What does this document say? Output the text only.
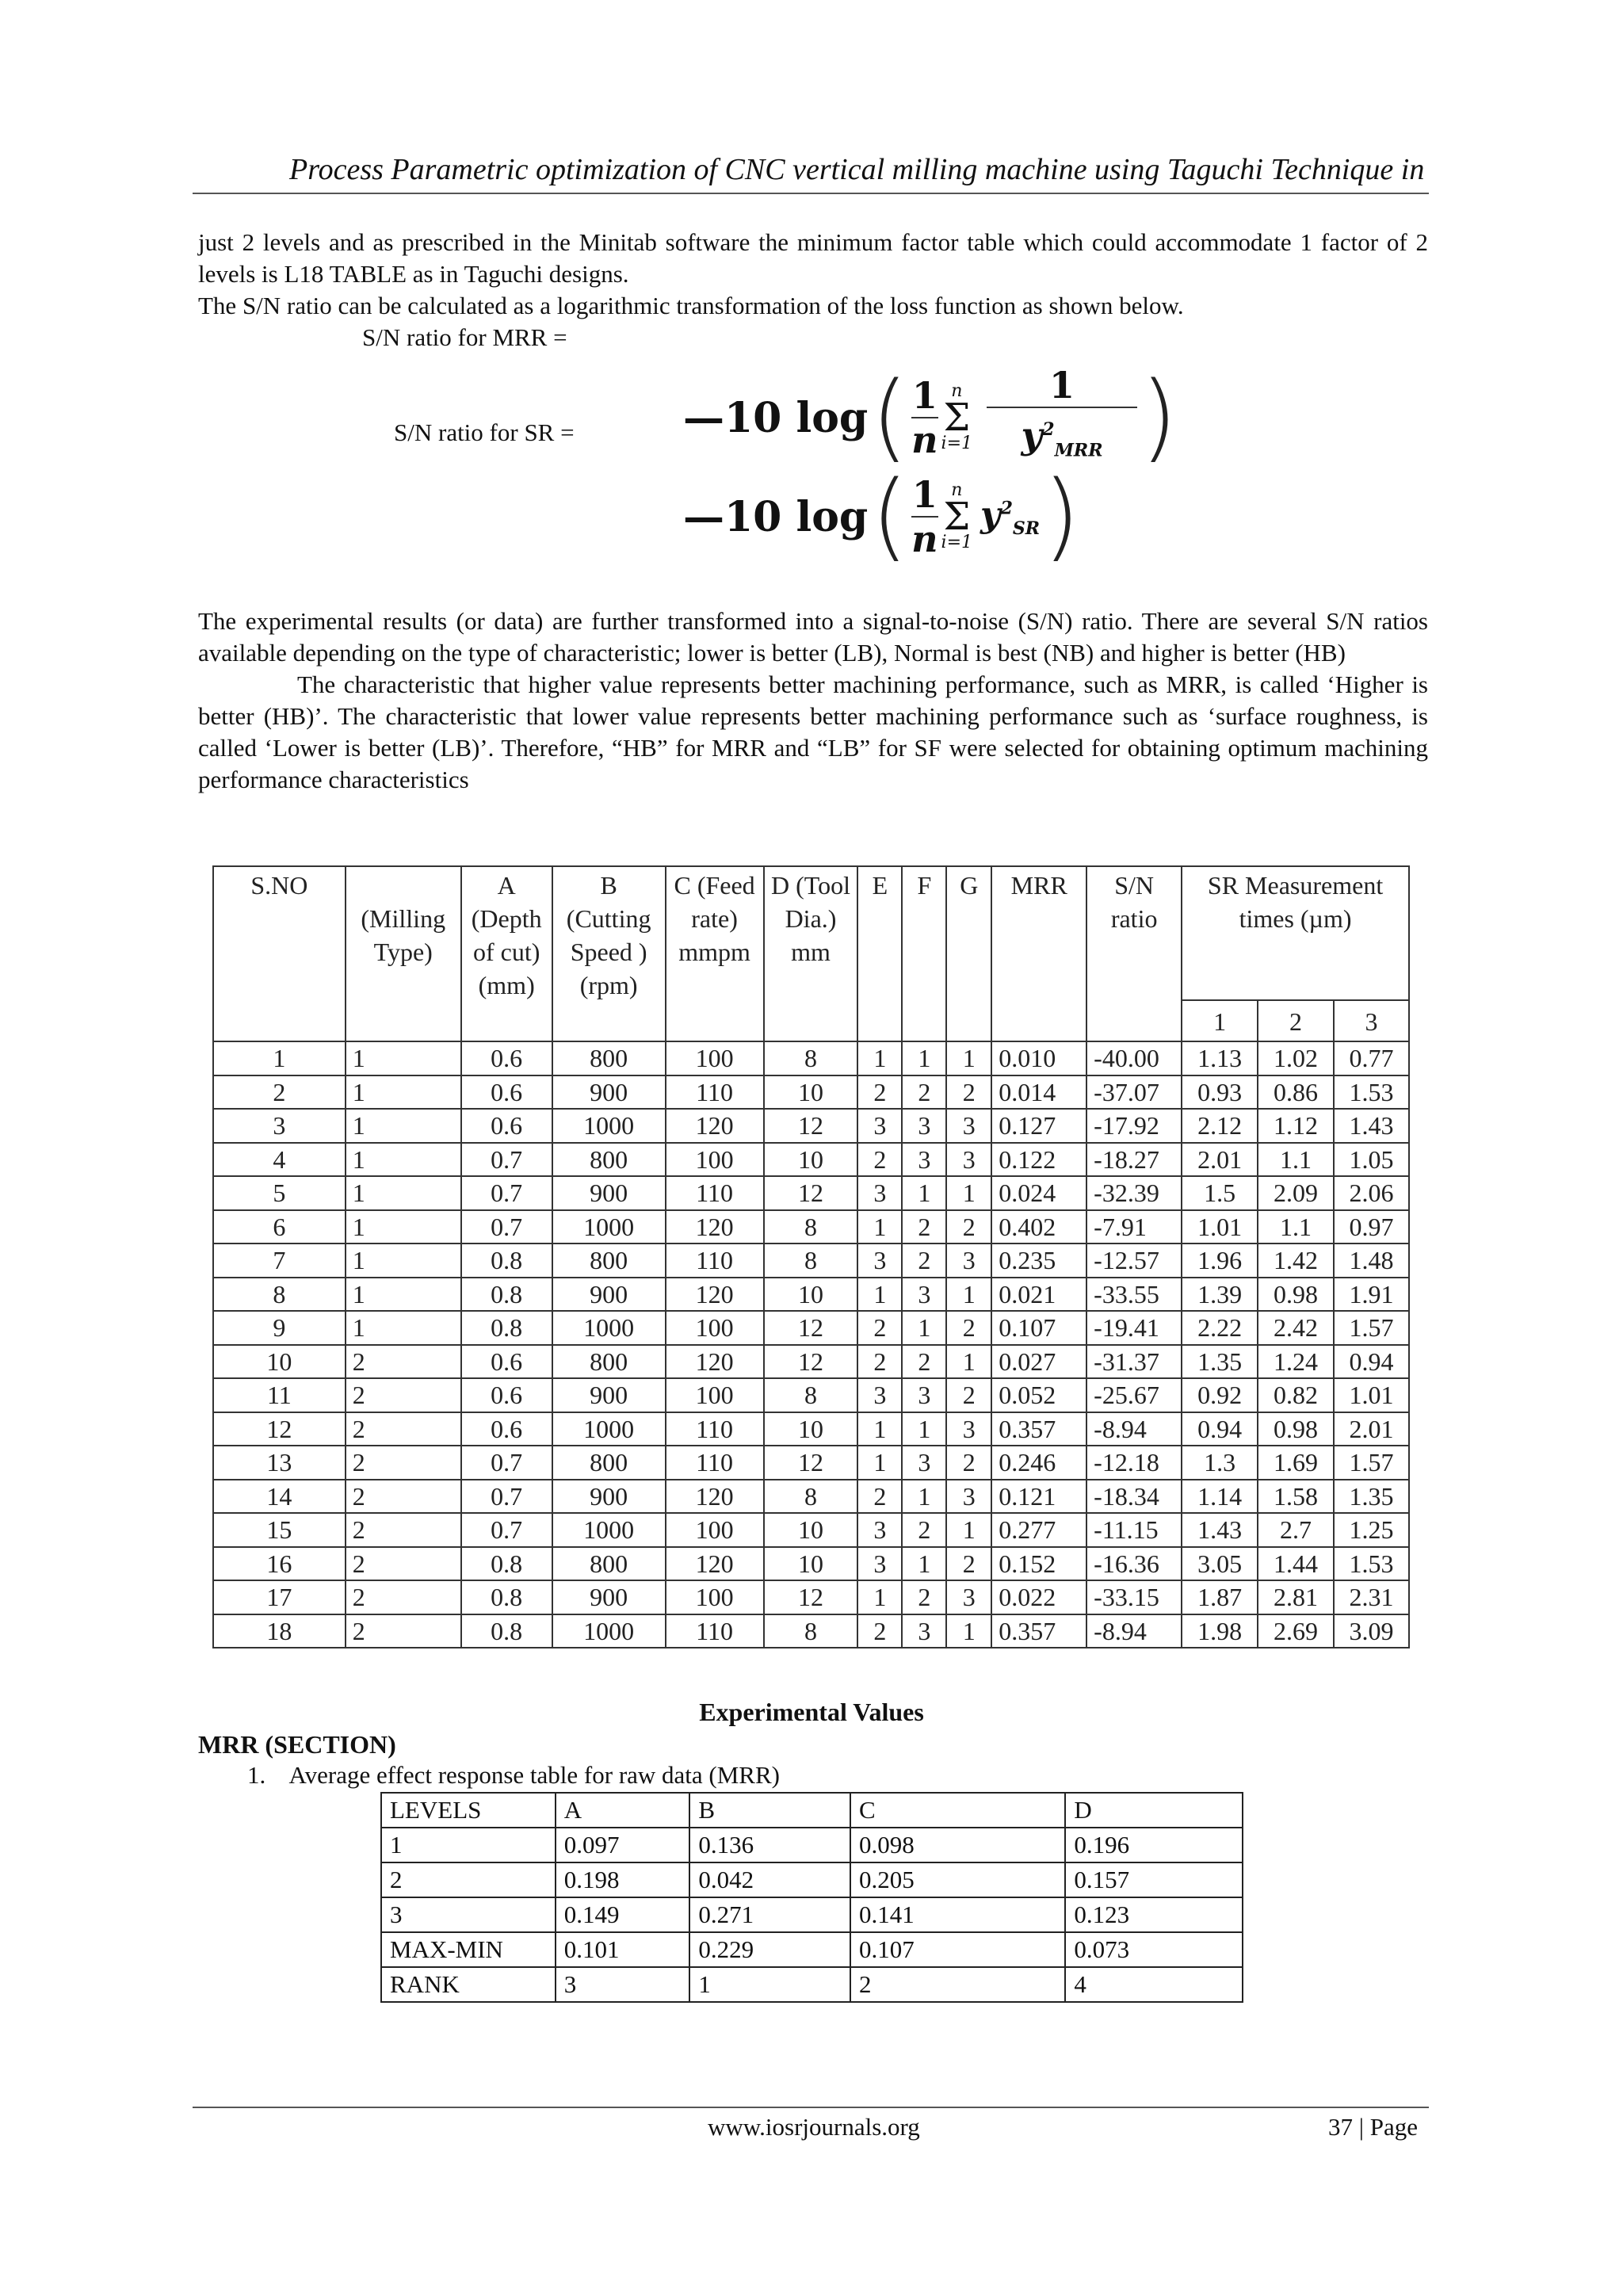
Process Parametric optimization of CNC vertical milling machine using Taguchi Technique in

just 2 levels and as prescribed in the Minitab software the minimum factor table which could accommodate 1 factor of 2 levels is L18 TABLE as in Taguchi designs.

The S/N ratio can be calculated as a logarithmic transformation of the loss function as shown below.

S/N ratio for MRR =
S/N ratio for SR =	—10 log ( $\frac{1}{n}$ n
Σ
$i=1 \frac{1}{y^2_{MRR}}$ )
—10 log ( $\frac{1}{n}$ n
Σ
i=1
$y^2_{SR}$ )

The experimental results (or data) are further transformed into a signal-to-noise (S/N) ratio. There are several S/N ratios available depending on the type of characteristic; lower is better (LB), Normal is best (NB) and higher is better (HB)

The characteristic that higher value represents better machining performance, such as MRR, is called ‘Higher is better (HB)’. The characteristic that lower value represents better machining performance such as ‘surface roughness, is called ‘Lower is better (LB)’. Therefore, “HB” for MRR and “LB” for SF were selected for obtaining optimum machining performance characteristics

S.NO	(Milling Type)	A (Depth of cut) (mm)	B (Cutting Speed ) (rpm)	C (Feed rate) mmpm	D (Tool Dia.) mm	E	F	G	MRR	S/N ratio	SR Measurement times (µm)		
											1	2	3
1	1	0.6	800	100	8	1	1	1	0.010	-40.00	1.13	1.02	0.77
2	1	0.6	900	110	10	2	2	2	0.014	-37.07	0.93	0.86	1.53
3	1	0.6	1000	120	12	3	3	3	0.127	-17.92	2.12	1.12	1.43
4	1	0.7	800	100	10	2	3	3	0.122	-18.27	2.01	1.1	1.05
5	1	0.7	900	110	12	3	1	1	0.024	-32.39	1.5	2.09	2.06
6	1	0.7	1000	120	8	1	2	2	0.402	-7.91	1.01	1.1	0.97
7	1	0.8	800	110	8	3	2	3	0.235	-12.57	1.96	1.42	1.48
8	1	0.8	900	120	10	1	3	1	0.021	-33.55	1.39	0.98	1.91
9	1	0.8	1000	100	12	2	1	2	0.107	-19.41	2.22	2.42	1.57
10	2	0.6	800	120	12	2	2	1	0.027	-31.37	1.35	1.24	0.94
11	2	0.6	900	100	8	3	3	2	0.052	-25.67	0.92	0.82	1.01
12	2	0.6	1000	110	10	1	1	3	0.357	-8.94	0.94	0.98	2.01
13	2	0.7	800	110	12	1	3	2	0.246	-12.18	1.3	1.69	1.57
14	2	0.7	900	120	8	2	1	3	0.121	-18.34	1.14	1.58	1.35
15	2	0.7	1000	100	10	3	2	1	0.277	-11.15	1.43	2.7	1.25
16	2	0.8	800	120	10	3	1	2	0.152	-16.36	3.05	1.44	1.53
17	2	0.8	900	100	12	1	2	3	0.022	-33.15	1.87	2.81	2.31
18	2	0.8	1000	110	8	2	3	1	0.357	-8.94	1.98	2.69	3.09
Experimental Values
MRR (SECTION)
1.    Average effect response table for raw data (MRR)
LEVELS	A	B	C	D
1	0.097	0.136	0.098	0.196
2	0.198	0.042	0.205	0.157
3	0.149	0.271	0.141	0.123
MAX-MIN	0.101	0.229	0.107	0.073
RANK	3	1	2	4
www.iosrjournals.org	37 | Page
